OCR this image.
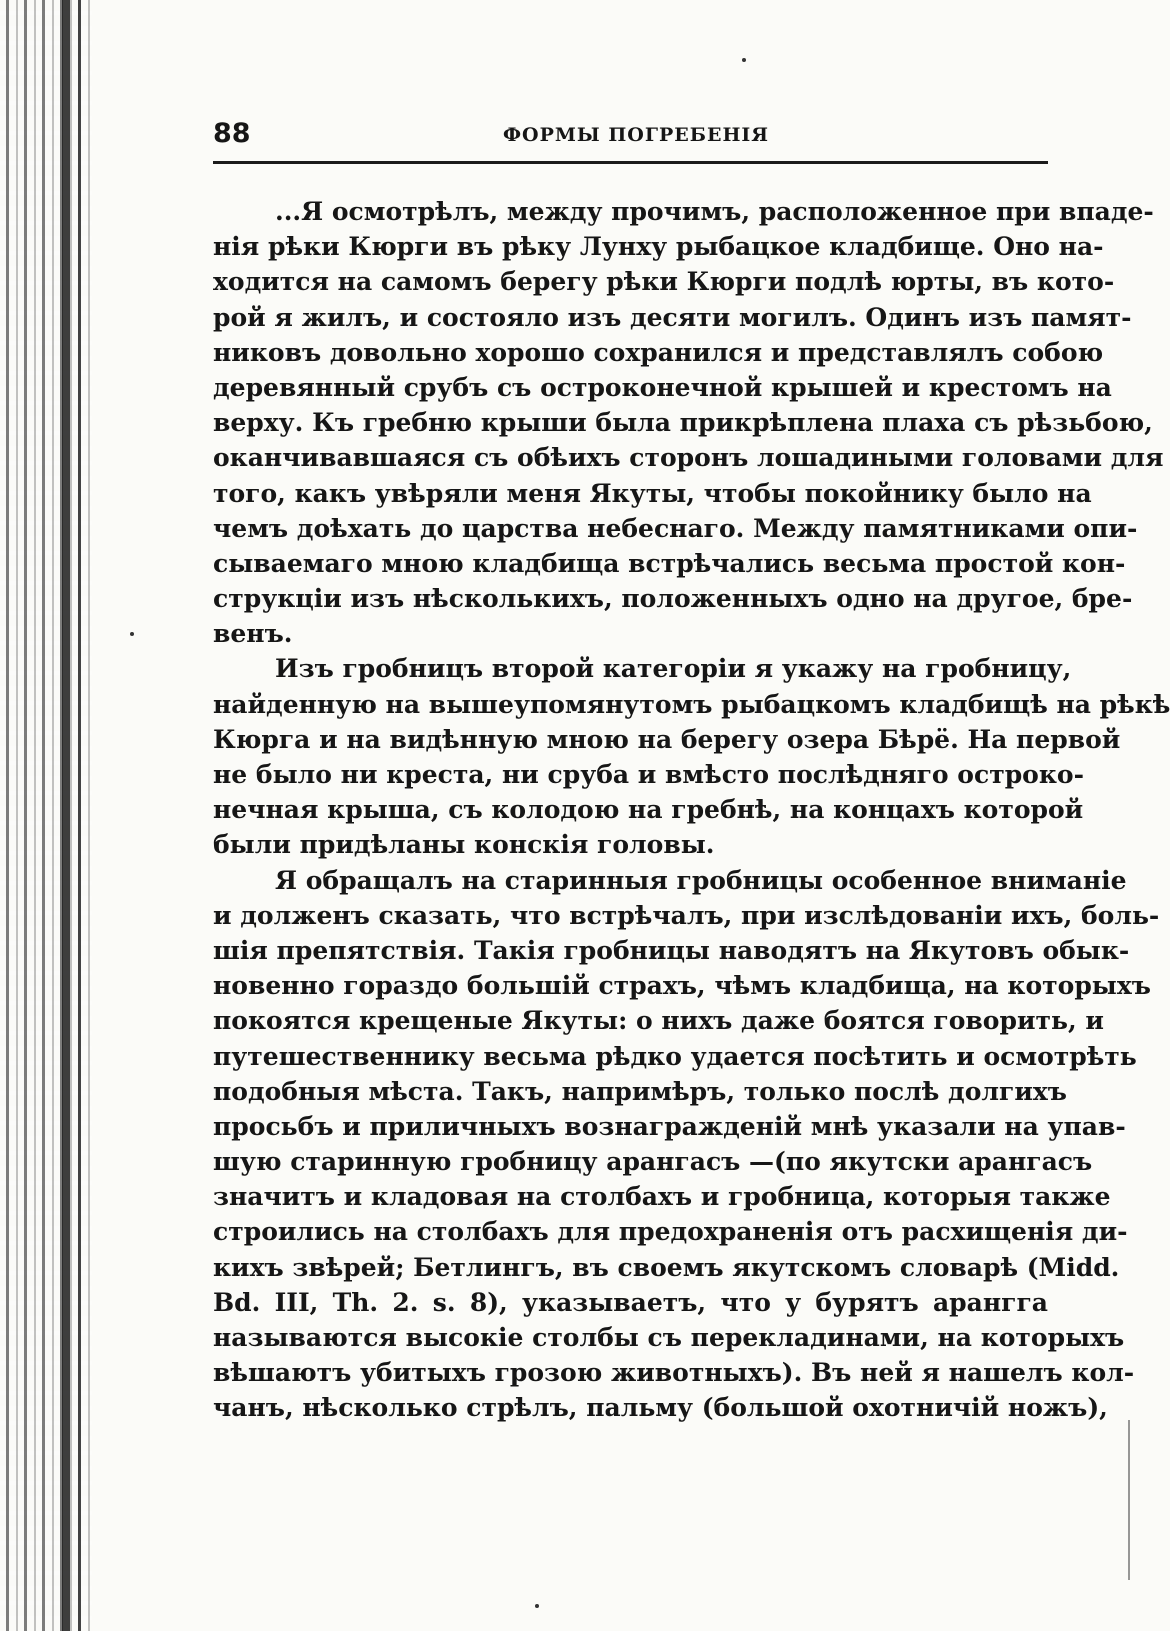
88	ФОРМЫ ПОГРЕБЕНІЯ
...Я осмотрѣлъ, между прочимъ, расположенное при впаде-
нія рѣки Кюрги въ рѣку Лунху рыбацкое кладбище. Оно на-
ходится на самомъ берегу рѣки Кюрги подлѣ юрты, въ кото-
рой я жилъ, и состояло изъ десяти могилъ. Одинъ изъ памят-
никовъ довольно хорошо сохранился и представлялъ собою
деревянный срубъ съ остроконечной крышей и крестомъ на
верху. Къ гребню крыши была прикрѣплена плаха съ рѣзьбою,
оканчивавшаяся съ обѣихъ сторонъ лошадиными головами для
того, какъ увѣряли меня Якуты, чтобы покойнику было на
чемъ доѣхать до царства небеснаго. Между памятниками опи-
сываемаго мною кладбища встрѣчались весьма простой кон-
струкціи изъ нѣсколькихъ, положенныхъ одно на другое, бре-
венъ.
Изъ гробницъ второй категоріи я укажу на гробницу,
найденную на вышеупомянутомъ рыбацкомъ кладбищѣ на рѣкѣ
Кюрга и на видѣнную мною на берегу озера Бѣрё. На первой
не было ни креста, ни сруба и вмѣсто послѣдняго остроко-
нечная крыша, съ колодою на гребнѣ, на концахъ которой
были придѣланы конскія головы.
Я обращалъ на старинныя гробницы особенное вниманіе
и долженъ сказать, что встрѣчалъ, при изслѣдованіи ихъ, боль-
шія препятствія. Такія гробницы наводятъ на Якутовъ обык-
новенно гораздо большій страхъ, чѣмъ кладбища, на которыхъ
покоятся крещеные Якуты: о нихъ даже боятся говорить, и
путешественнику весьма рѣдко удается посѣтить и осмотрѣть
подобныя мѣста. Такъ, напримѣръ, только послѣ долгихъ
просьбъ и приличныхъ вознагражденій мнѣ указали на упав-
шую старинную гробницу арангасъ —(по якутски арангасъ
значитъ и кладовая на столбахъ и гробница, которыя также
строились на столбахъ для предохраненія отъ расхищенія ди-
кихъ звѣрей; Бетлингъ, въ своемъ якутскомъ словарѣ (Midd.
Bd. III, Th. 2. s. 8), указываетъ, что у бурятъ арангга
называются высокіе столбы съ перекладинами, на которыхъ
вѣшаютъ убитыхъ грозою животныхъ). Въ ней я нашелъ кол-
чанъ, нѣсколько стрѣлъ, пальму (большой охотничій ножъ),
